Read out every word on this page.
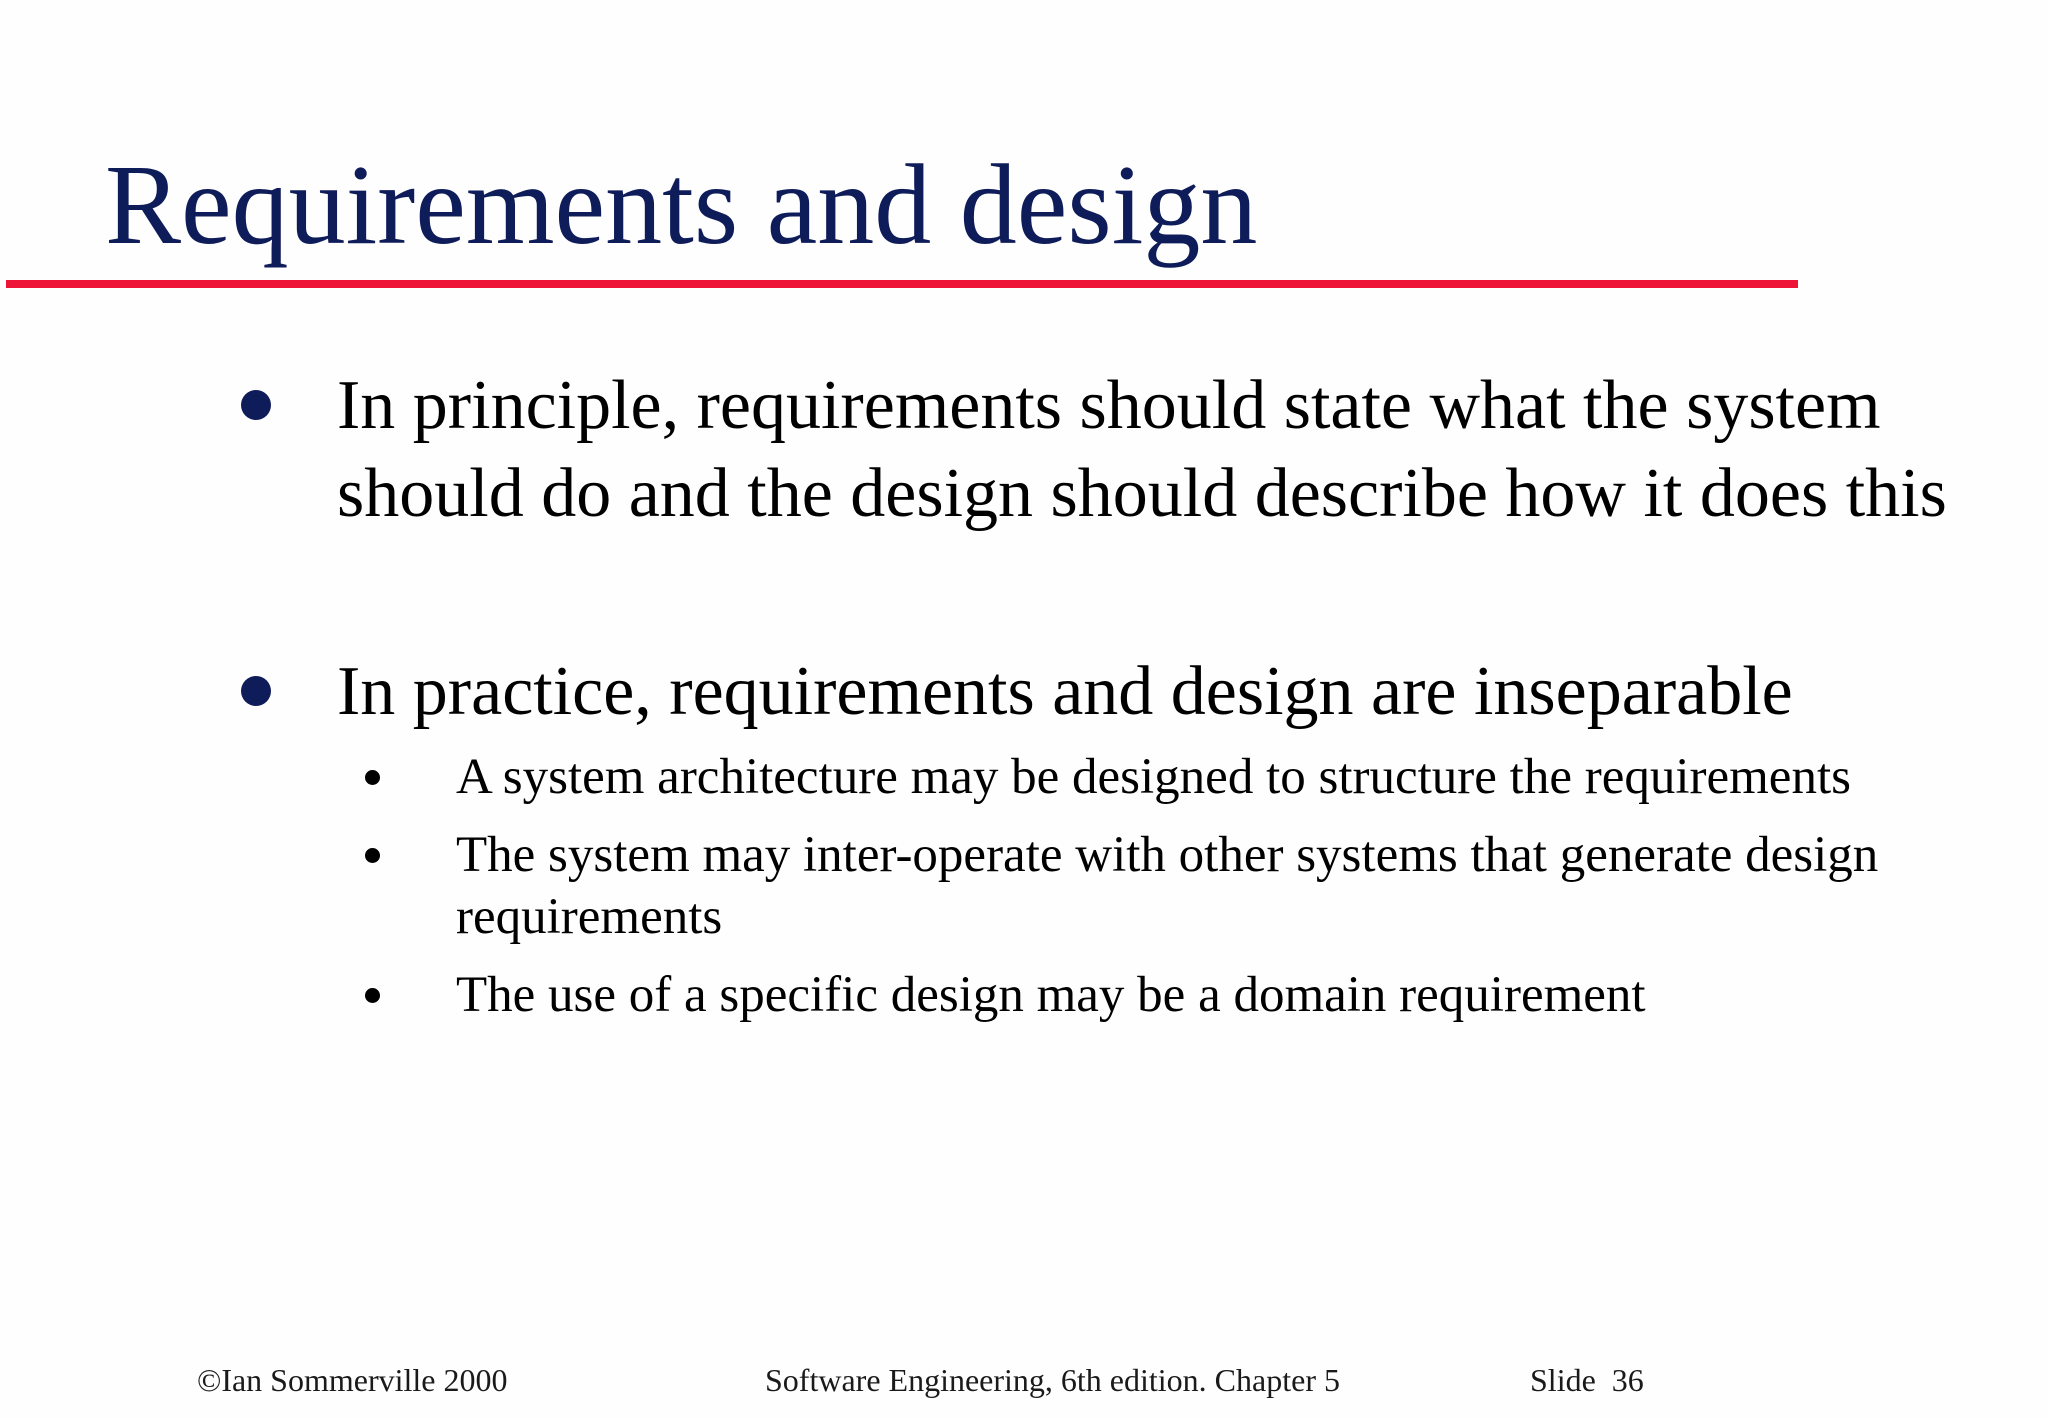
Requirements and design
In principle, requirements should state what the system should do and the design should describe how it does this
In practice, requirements and design are inseparable
A system architecture may be designed to structure the requirements
The system may inter-operate with other systems that generate design requirements
The use of a specific design may be a domain requirement
©Ian Sommerville 2000	Software Engineering, 6th edition. Chapter 5	Slide  36
